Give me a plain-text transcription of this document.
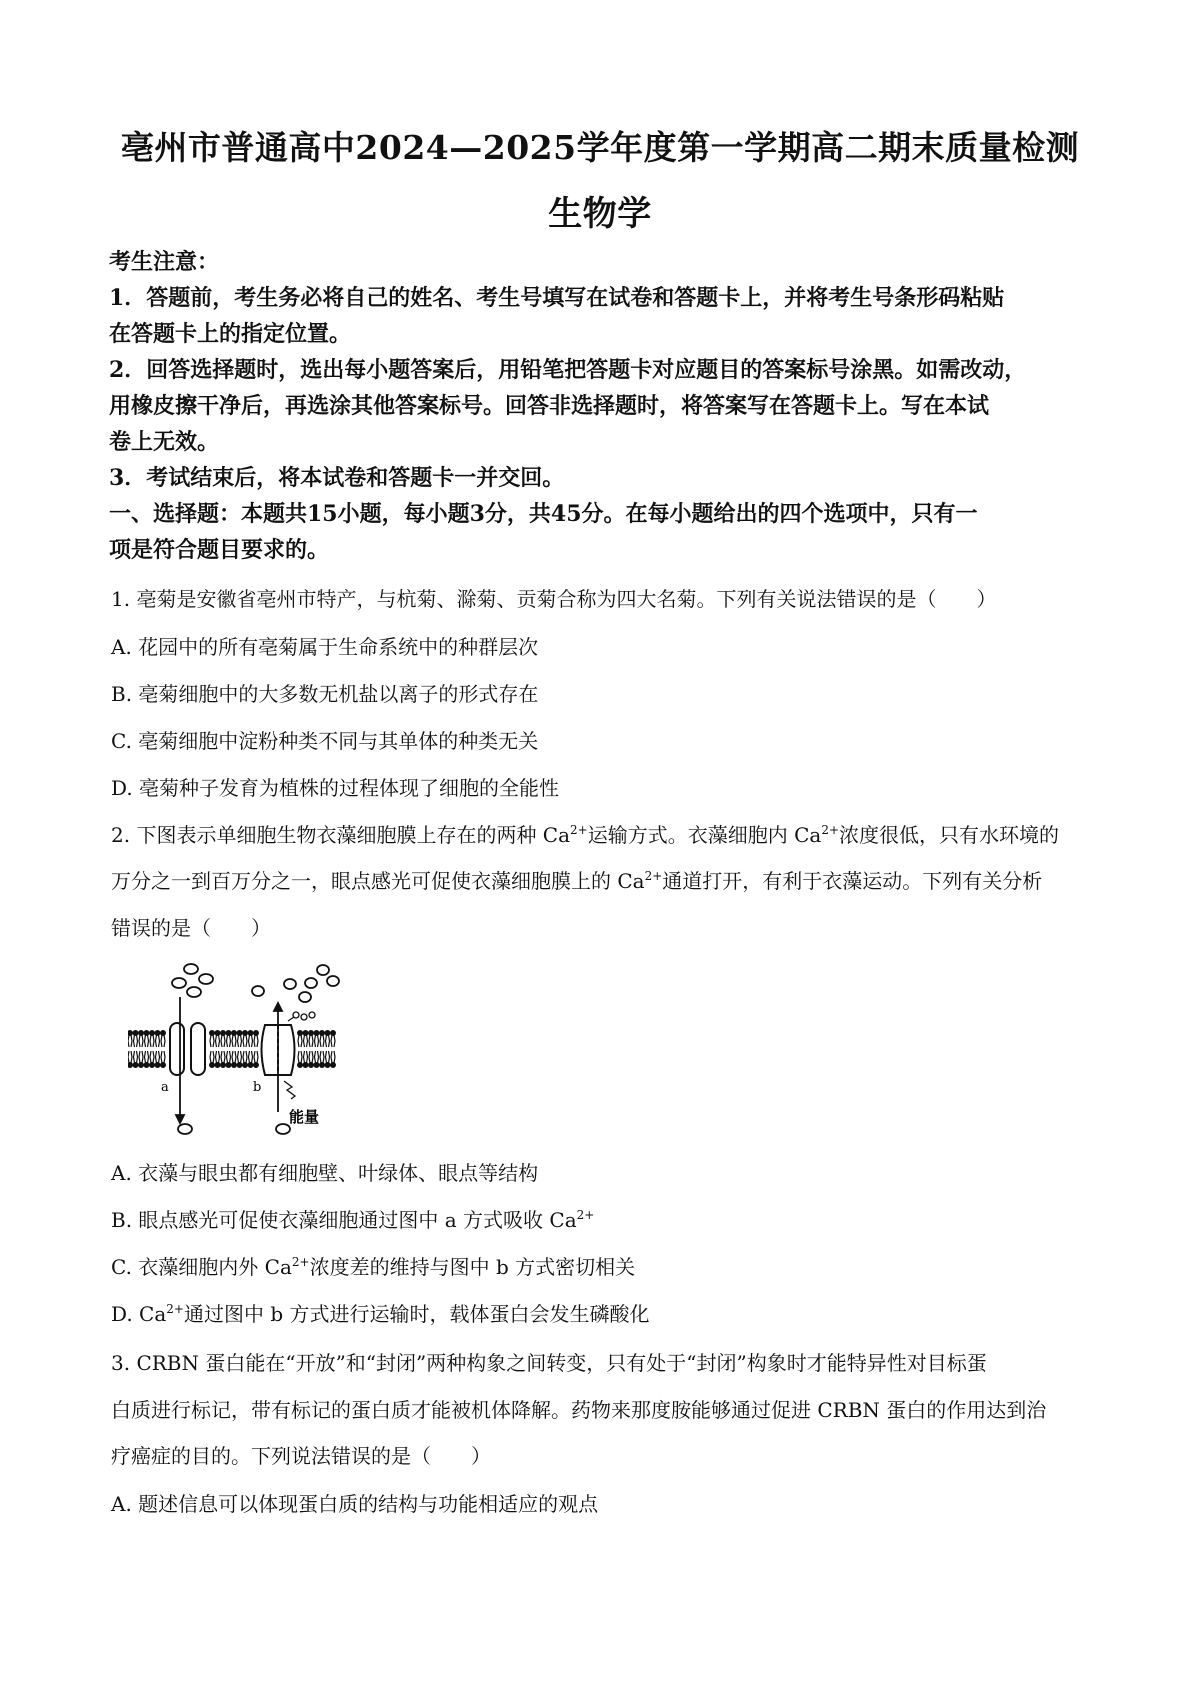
亳州市普通高中2024—2025学年度第一学期高二期末质量检测
生物学
考生注意：
1．答题前，考生务必将自己的姓名、考生号填写在试卷和答题卡上，并将考生号条形码粘贴
在答题卡上的指定位置。
2．回答选择题时，选出每小题答案后，用铅笔把答题卡对应题目的答案标号涂黑。如需改动，
用橡皮擦干净后，再选涂其他答案标号。回答非选择题时，将答案写在答题卡上。写在本试
卷上无效。
3．考试结束后，将本试卷和答题卡一并交回。
一、选择题：本题共15小题，每小题3分，共45分。在每小题给出的四个选项中，只有一
项是符合题目要求的。
1. 亳菊是安徽省亳州市特产，与杭菊、滁菊、贡菊合称为四大名菊。下列有关说法错误的是（　　）
A. 花园中的所有亳菊属于生命系统中的种群层次
B. 亳菊细胞中的大多数无机盐以离子的形式存在
C. 亳菊细胞中淀粉种类不同与其单体的种类无关
D. 亳菊种子发育为植株的过程体现了细胞的全能性
2. 下图表示单细胞生物衣藻细胞膜上存在的两种 $Ca^{2+}$运输方式。衣藻细胞内 $Ca^{2+}$浓度很低，只有水环境的
万分之一到百万分之一，眼点感光可促使衣藻细胞膜上的 $Ca^{2+}$通道打开，有利于衣藻运动。下列有关分析
错误的是（　　）
a	b
能量
A. 衣藻与眼虫都有细胞壁、叶绿体、眼点等结构
B. 眼点感光可促使衣藻细胞通过图中 a 方式吸收 $Ca^{2+}$
C. 衣藻细胞内外 $Ca^{2+}$浓度差的维持与图中 b 方式密切相关
D. $Ca^{2+}$通过图中 b 方式进行运输时，载体蛋白会发生磷酸化
3. CRBN 蛋白能在“开放”和“封闭”两种构象之间转变，只有处于“封闭”构象时才能特异性对目标蛋
白质进行标记，带有标记的蛋白质才能被机体降解。药物来那度胺能够通过促进 CRBN 蛋白的作用达到治
疗癌症的目的。下列说法错误的是（　　）
A. 题述信息可以体现蛋白质的结构与功能相适应的观点
